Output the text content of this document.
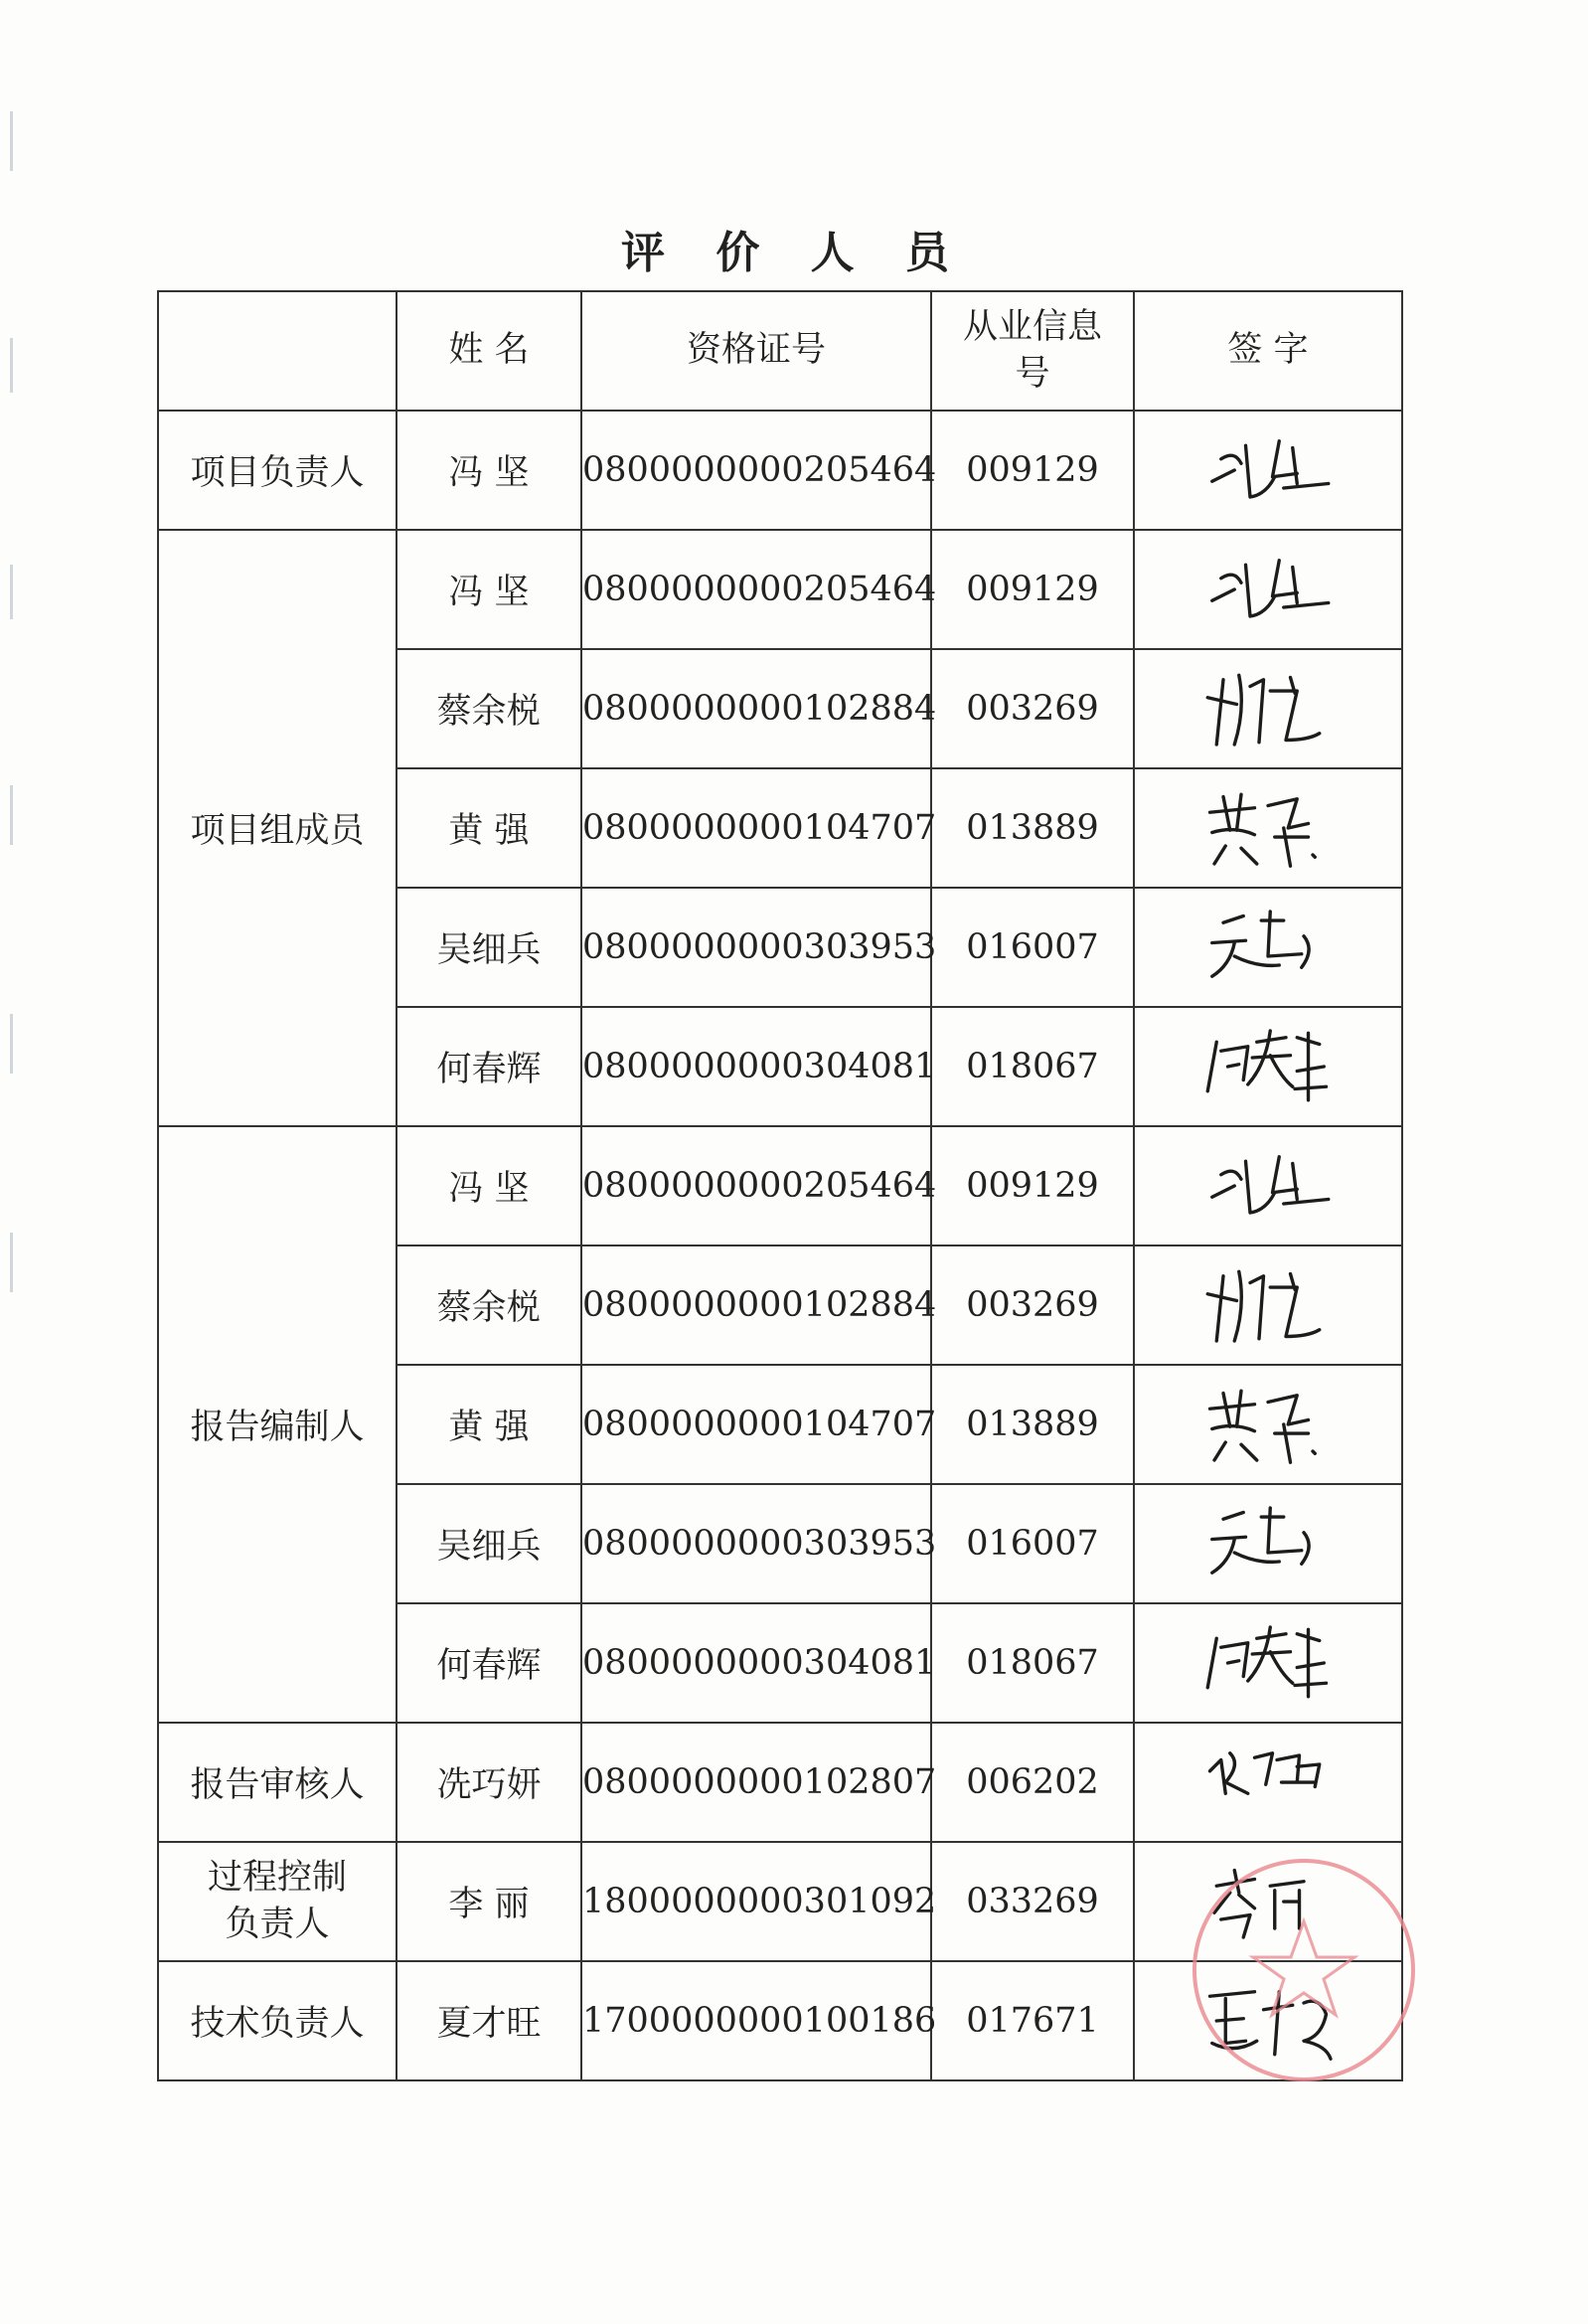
评 价 人 员
	姓 名	资格证号	从业信息号	签 字
项目负责人	冯 坚	0800000000205464	009129	

项目组成员	冯 坚	0800000000205464	009129	

	蔡余棁	0800000000102884	003269	

	黄 强	0800000000104707	013889	

	吴细兵	0800000000303953	016007	

	何春辉	0800000000304081	018067	

报告编制人	冯 坚	0800000000205464	009129	

	蔡余棁	0800000000102884	003269	

	黄 强	0800000000104707	013889	

	吴细兵	0800000000303953	016007	

	何春辉	0800000000304081	018067	

报告审核人	冼巧妍	0800000000102807	006202	

过程控制负责人	李 丽	1800000000301092	033269	

技术负责人	夏才旺	1700000000100186	017671	
